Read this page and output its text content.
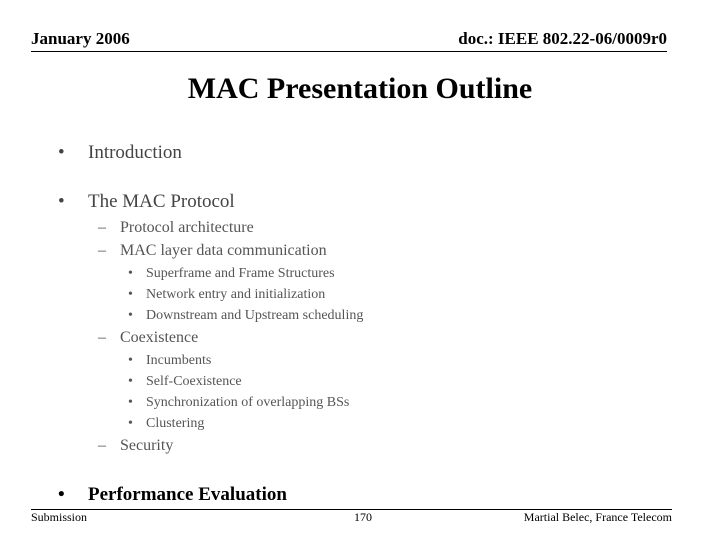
January 2006	doc.: IEEE 802.22-06/0009r0
MAC Presentation Outline
• Introduction
• The MAC Protocol
– Protocol architecture
– MAC layer data communication
• Superframe and Frame Structures
• Network entry and initialization
• Downstream and Upstream scheduling
– Coexistence
• Incumbents
• Self-Coexistence
• Synchronization of overlapping BSs
• Clustering
– Security
• Performance Evaluation
Submission	170	Martial Belec, France Telecom
